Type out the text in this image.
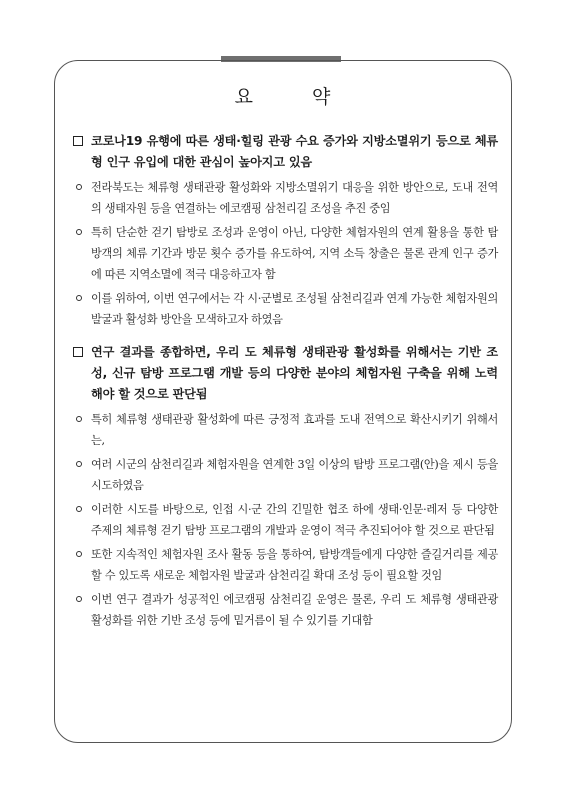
요	약
코로나19 유행에 따른 생태·힐링 관광 수요 증가와 지방소멸위기 등으로 체류형 인구 유입에 대한 관심이 높아지고 있음
전라북도는 체류형 생태관광 활성화와 지방소멸위기 대응을 위한 방안으로, 도내 전역의 생태자원 등을 연결하는 에코캠핑 삼천리길 조성을 추진 중임
특히 단순한 걷기 탐방로 조성과 운영이 아닌, 다양한 체험자원의 연계 활용을 통한 탐방객의 체류 기간과 방문 횟수 증가를 유도하여, 지역 소득 창출은 물론 관계 인구 증가에 따른 지역소멸에 적극 대응하고자 함
이를 위하여, 이번 연구에서는 각 시·군별로 조성될 삼천리길과 연계 가능한 체험자원의 발굴과 활성화 방안을 모색하고자 하였음
연구 결과를 종합하면, 우리 도 체류형 생태관광 활성화를 위해서는 기반 조성, 신규 탐방 프로그램 개발 등의 다양한 분야의 체험자원 구축을 위해 노력해야 할 것으로 판단됨
특히 체류형 생태관광 활성화에 따른 긍정적 효과를 도내 전역으로 확산시키기 위해서는,
여러 시군의 삼천리길과 체험자원을 연계한 3일 이상의 탐방 프로그램(안)을 제시 등을 시도하였음
이러한 시도를 바탕으로, 인접 시·군 간의 긴밀한 협조 하에 생태·인문·레저 등 다양한 주제의 체류형 걷기 탐방 프로그램의 개발과 운영이 적극 추진되어야 할 것으로 판단됨
또한 지속적인 체험자원 조사 활동 등을 통하여, 탐방객들에게 다양한 즐길거리를 제공할 수 있도록 새로운 체험자원 발굴과 삼천리길 확대 조성 등이 필요할 것임
이번 연구 결과가 성공적인 에코캠핑 삼천리길 운영은 물론, 우리 도 체류형 생태관광 활성화를 위한 기반 조성 등에 밑거름이 될 수 있기를 기대함
